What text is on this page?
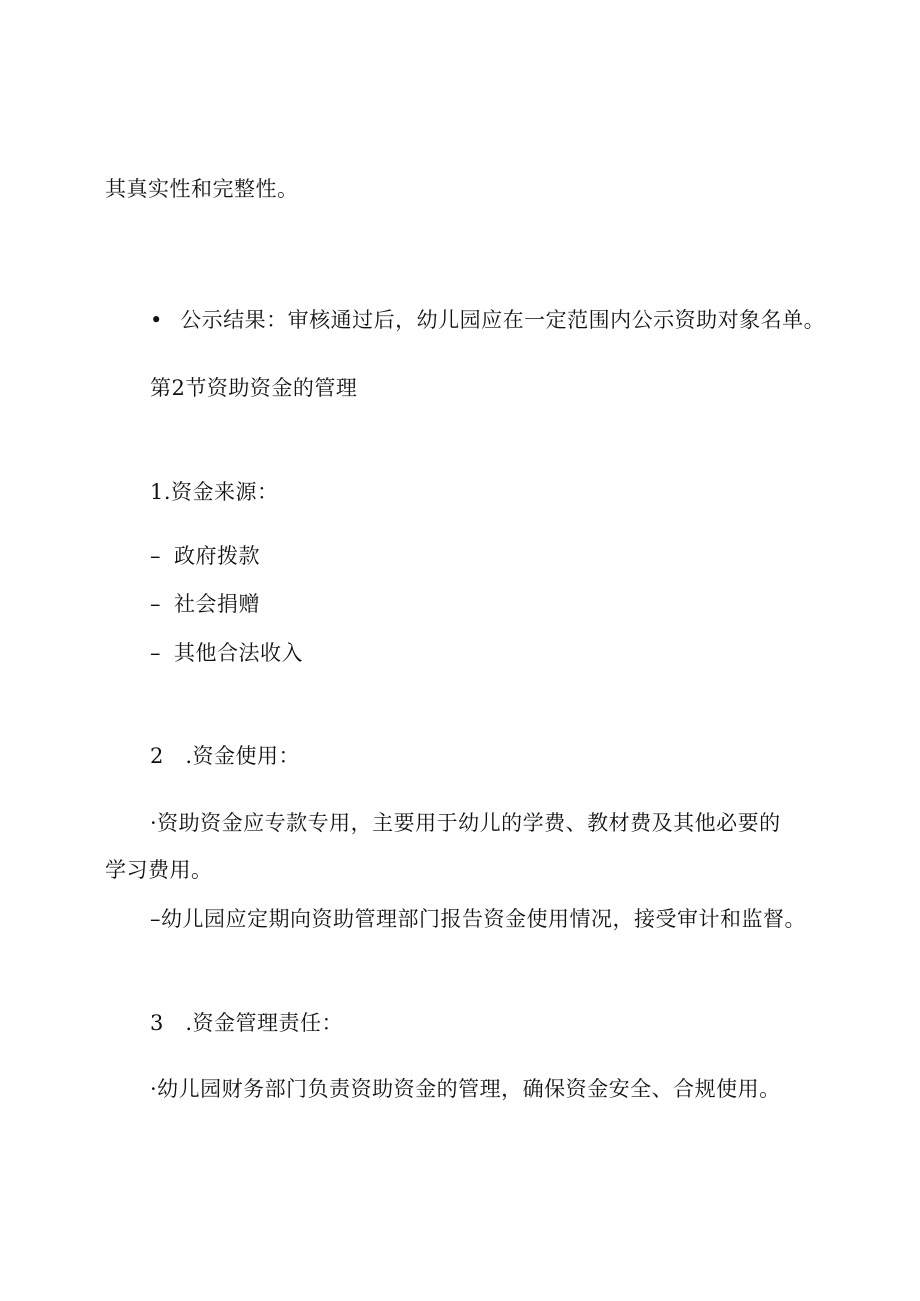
其真实性和完整性。
• 公示结果：审核通过后，幼儿园应在一定范围内公示资助对象名单。
第2节资助资金的管理
1.资金来源：
– 政府拨款
– 社会捐赠
– 其他合法收入
2 .资金使用：
·资助资金应专款专用，主要用于幼儿的学费、教材费及其他必要的
学习费用。
–幼儿园应定期向资助管理部门报告资金使用情况，接受审计和监督。
3 .资金管理责任：
·幼儿园财务部门负责资助资金的管理，确保资金安全、合规使用。
